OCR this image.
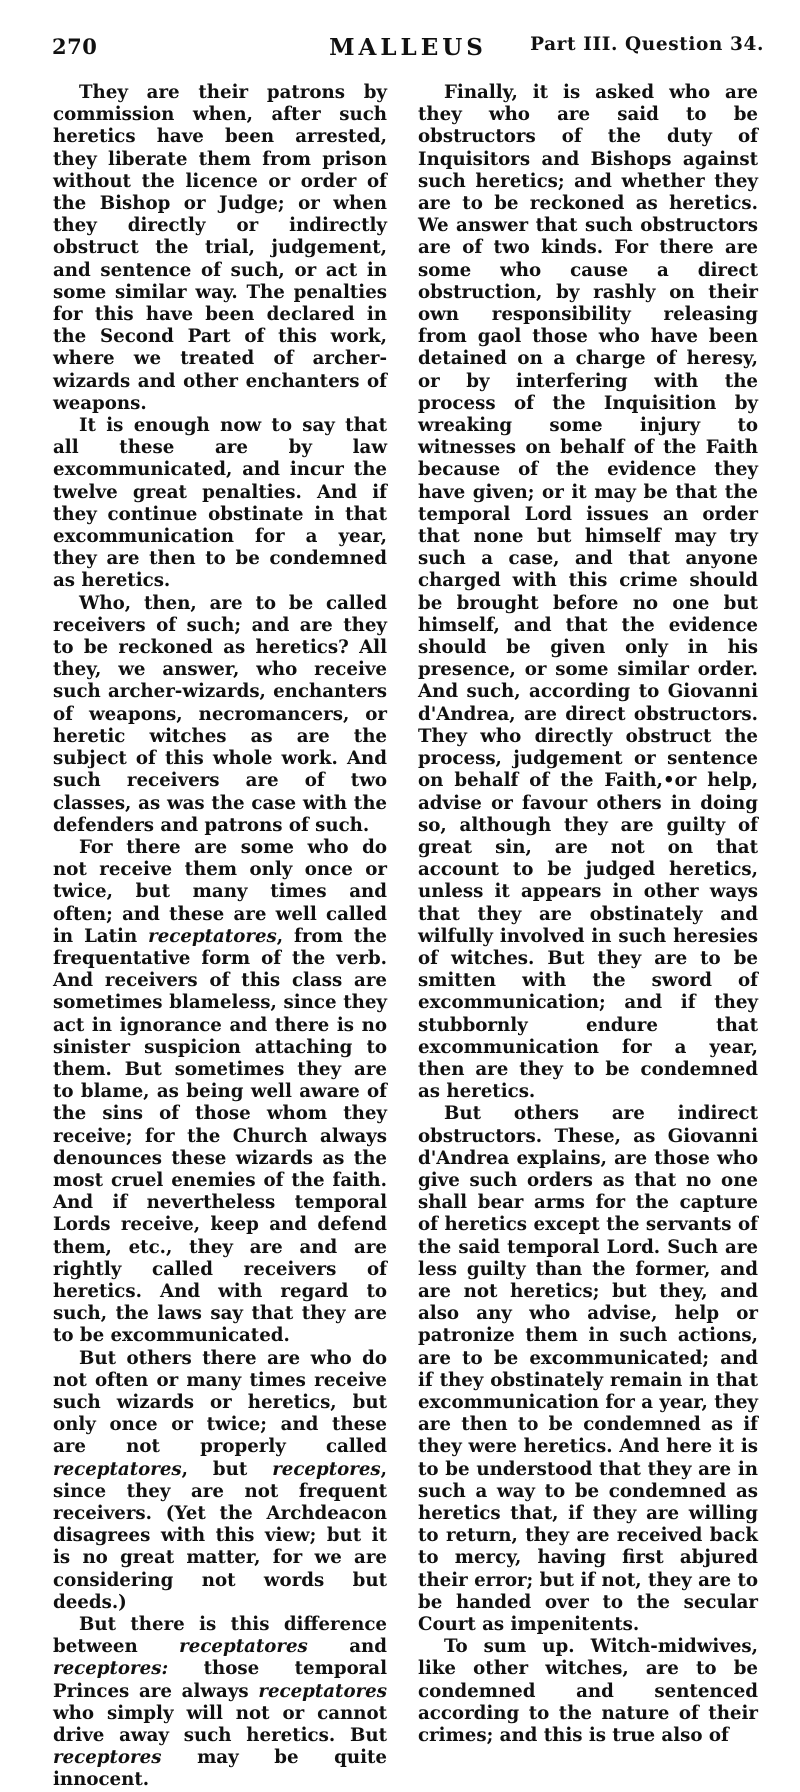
270	MALLEUS	Part III. Question 34.

They are their patrons by commission when, after such heretics have been arrested, they liberate them from prison without the licence or order of the Bishop or Judge; or when they directly or indirectly obstruct the trial, judgement, and sentence of such, or act in some similar way. The penalties for this have been declared in the Second Part of this work, where we treated of archer-wizards and other enchanters of weapons.

It is enough now to say that all these are by law excommunicated, and incur the twelve great penalties. And if they continue obstinate in that excommunication for a year, they are then to be condemned as heretics.

Who, then, are to be called receivers of such; and are they to be reckoned as heretics? All they, we answer, who receive such archer-wizards, enchanters of weapons, necromancers, or heretic witches as are the subject of this whole work. And such receivers are of two classes, as was the case with the defenders and patrons of such.

For there are some who do not receive them only once or twice, but many times and often; and these are well called in Latin receptatores, from the frequentative form of the verb. And receivers of this class are sometimes blameless, since they act in ignorance and there is no sinister suspicion attaching to them. But sometimes they are to blame, as being well aware of the sins of those whom they receive; for the Church always denounces these wizards as the most cruel enemies of the faith. And if nevertheless temporal Lords receive, keep and defend them, etc., they are and are rightly called receivers of heretics. And with regard to such, the laws say that they are to be excommunicated.

But others there are who do not often or many times receive such wizards or heretics, but only once or twice; and these are not properly called receptatores, but receptores, since they are not frequent receivers. (Yet the Archdeacon disagrees with this view; but it is no great matter, for we are considering not words but deeds.)

But there is this difference between receptatores and receptores: those temporal Princes are always receptatores who simply will not or cannot drive away such heretics. But receptores may be quite innocent.

Finally, it is asked who are they who are said to be obstructors of the duty of Inquisitors and Bishops against such heretics; and whether they are to be reckoned as heretics. We answer that such obstructors are of two kinds. For there are some who cause a direct obstruction, by rashly on their own responsibility releasing from gaol those who have been detained on a charge of heresy, or by interfering with the process of the Inquisition by wreaking some injury to witnesses on behalf of the Faith because of the evidence they have given; or it may be that the temporal Lord issues an order that none but himself may try such a case, and that anyone charged with this crime should be brought before no one but himself, and that the evidence should be given only in his presence, or some similar order. And such, according to Giovanni d'Andrea, are direct obstructors. They who directly obstruct the process, judgement or sentence on behalf of the Faith,•or help, advise or favour others in doing so, although they are guilty of great sin, are not on that account to be judged heretics, unless it appears in other ways that they are obstinately and wilfully involved in such heresies of witches. But they are to be smitten with the sword of excommunication; and if they stubbornly endure that excommunication for a year, then are they to be condemned as heretics.

But others are indirect obstructors. These, as Giovanni d'Andrea explains, are those who give such orders as that no one shall bear arms for the capture of heretics except the servants of the said temporal Lord. Such are less guilty than the former, and are not heretics; but they, and also any who advise, help or patronize them in such actions, are to be excommunicated; and if they obstinately remain in that excommunication for a year, they are then to be condemned as if they were heretics. And here it is to be understood that they are in such a way to be condemned as heretics that, if they are willing to return, they are received back to mercy, having first abjured their error; but if not, they are to be handed over to the secular Court as impenitents.

To sum up. Witch-midwives, like other witches, are to be condemned and sentenced according to the nature of their crimes; and this is true also of
